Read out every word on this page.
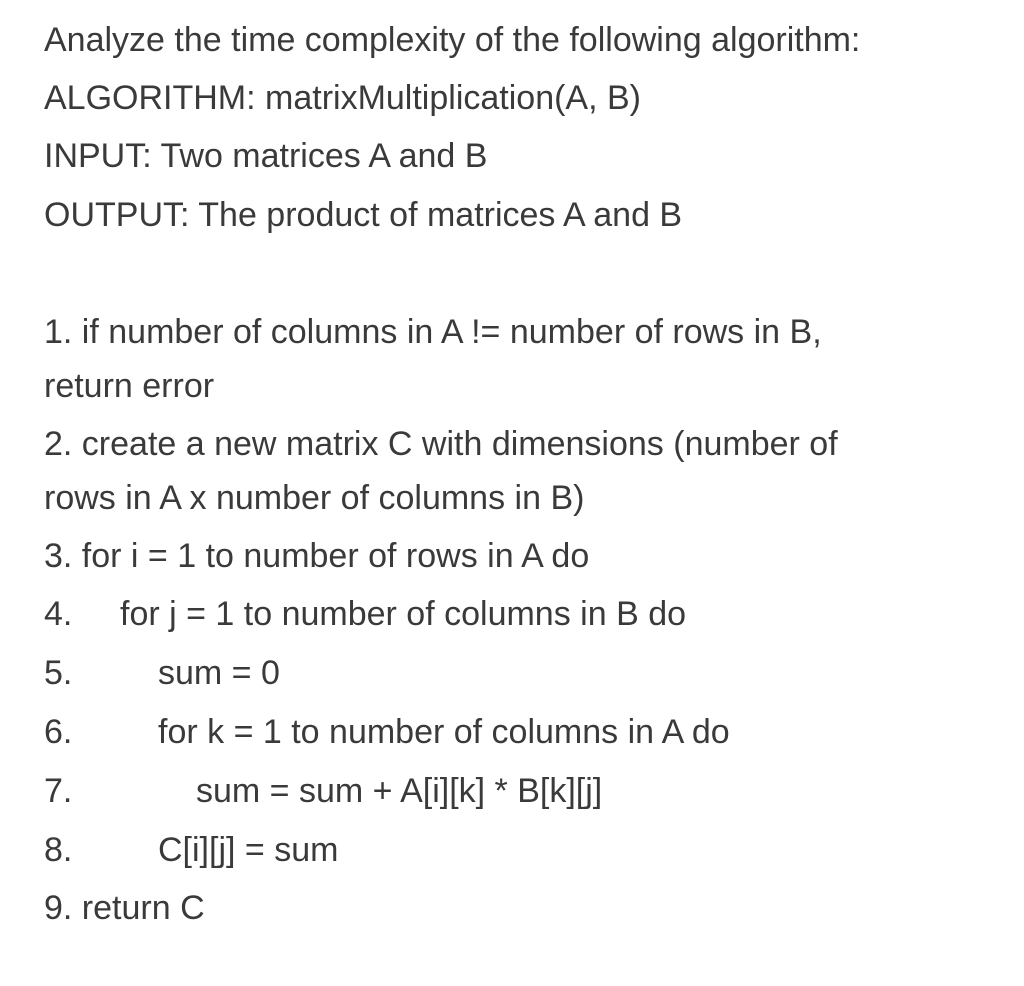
Analyze the time complexity of the following algorithm:
ALGORITHM: matrixMultiplication(A, B)
INPUT: Two matrices A and B
OUTPUT: The product of matrices A and B
1. if number of columns in A != number of rows in B,
return error
2. create a new matrix C with dimensions (number of
rows in A x number of columns in B)
3. for i = 1 to number of rows in A do
4. for j = 1 to number of columns in B do
5.	sum = 0
6.	for k = 1 to number of columns in A do
7.	sum = sum + A[i][k] * B[k][j]
8.	C[i][j] = sum
9. return C
